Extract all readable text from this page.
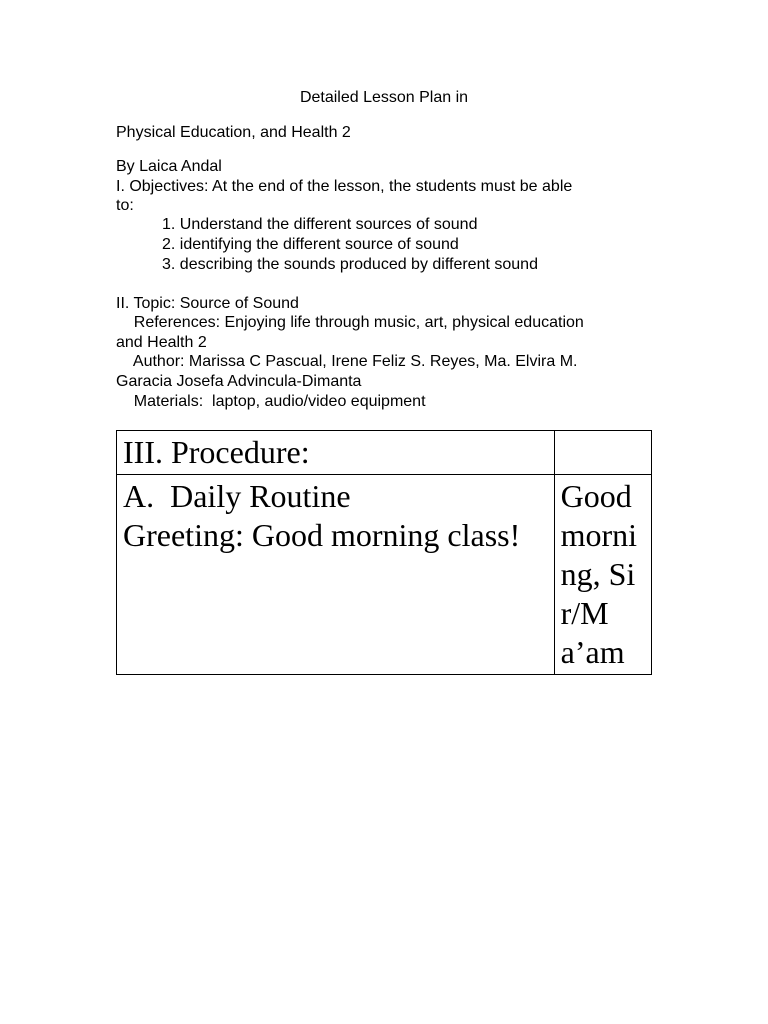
Detailed Lesson Plan in
Physical Education, and Health 2
By Laica Andal
I. Objectives: At the end of the lesson, the students must be able
to:
1. Understand the different sources of sound
2. identifying the different source of sound
3. describing the sounds produced by different sound
II. Topic: Source of Sound
References: Enjoying life through music, art, physical education
and Health 2
Author: Marissa C Pascual, Irene Feliz S. Reyes, Ma. Elvira M.
Garacia Josefa Advincula-Dimanta
Materials:  laptop, audio/video equipment
III. Procedure:	

A.  Daily Routine
Greeting: Good morning class!	Good morning, Sir/Ma’am
